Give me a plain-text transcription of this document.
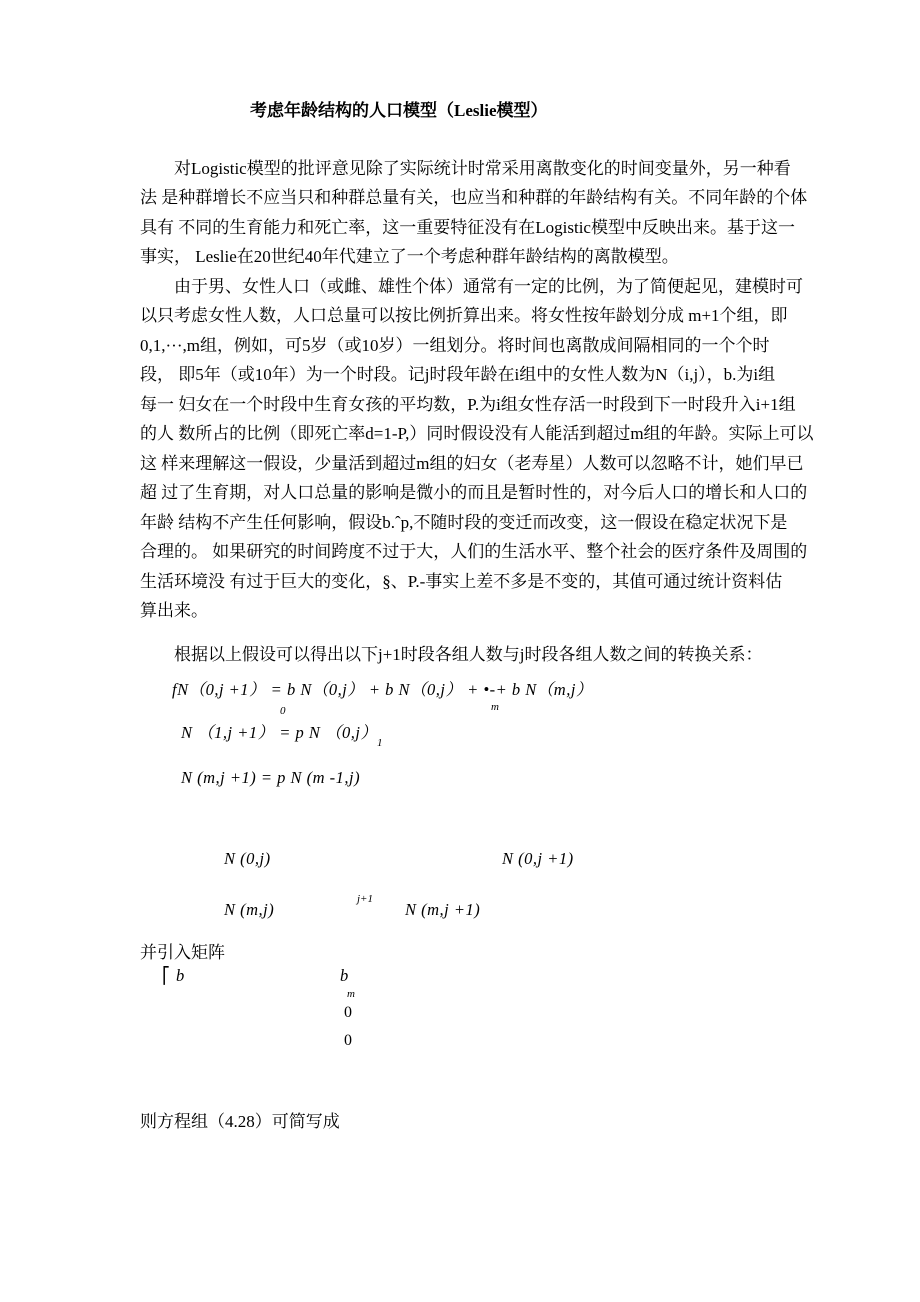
考虑年龄结构的人口模型（Leslie模型）
对Logistic模型的批评意见除了实际统计时常采用离散变化的时间变量外，另一种看
法 是种群增长不应当只和种群总量有关，也应当和种群的年龄结构有关。不同年龄的个体
具有 不同的生育能力和死亡率，这一重要特征没有在Logistic模型中反映出来。基于这一
事实， Leslie在20世纪40年代建立了一个考虑种群年龄结构的离散模型。
由于男、女性人口（或雌、雄性个体）通常有一定的比例，为了简便起见，建模时可
以只考虑女性人数，人口总量可以按比例折算出来。将女性按年龄划分成 m+1个组，即
0,1,···,m组，例如，可5岁（或10岁）一组划分。将时间也离散成间隔相同的一个个时
段， 即5年（或10年）为一个时段。记j时段年龄在i组中的女性人数为N（i,j），b.为i组
每一 妇女在一个时段中生育女孩的平均数，P.为i组女性存活一时段到下一时段升入i+1组
的人 数所占的比例（即死亡率d=1-P,）同时假设没有人能活到超过m组的年龄。实际上可以
这 样来理解这一假设，少量活到超过m组的妇女（老寿星）人数可以忽略不计，她们早已
超 过了生育期，对人口总量的影响是微小的而且是暂时性的，对今后人口的增长和人口的
年龄 结构不产生任何影响，假设b.ˆp,不随时段的变迁而改变，这一假设在稳定状况下是
合理的。 如果研究的时间跨度不过于大，人们的生活水平、整个社会的医疗条件及周围的
生活环境没 有过于巨大的变化，§、P.-事实上差不多是不变的，其值可通过统计资料估
算出来。
根据以上假设可以得出以下j+1时段各组人数与j时段各组人数之间的转换关系：
fN（0,j +1） = b N（0,j） + b N（0,j） + •-+ b N（m,j）
m
0
N （1,j +1） = p N （0,j）
1
N (m,j +1) = p N (m -1,j)
N (0,j)	N (0,j +1)
N (m,j)
j+1
N (m,j +1)
并引入矩阵
⎡ b	b
m
0
0
则方程组（4.28）可简写成
